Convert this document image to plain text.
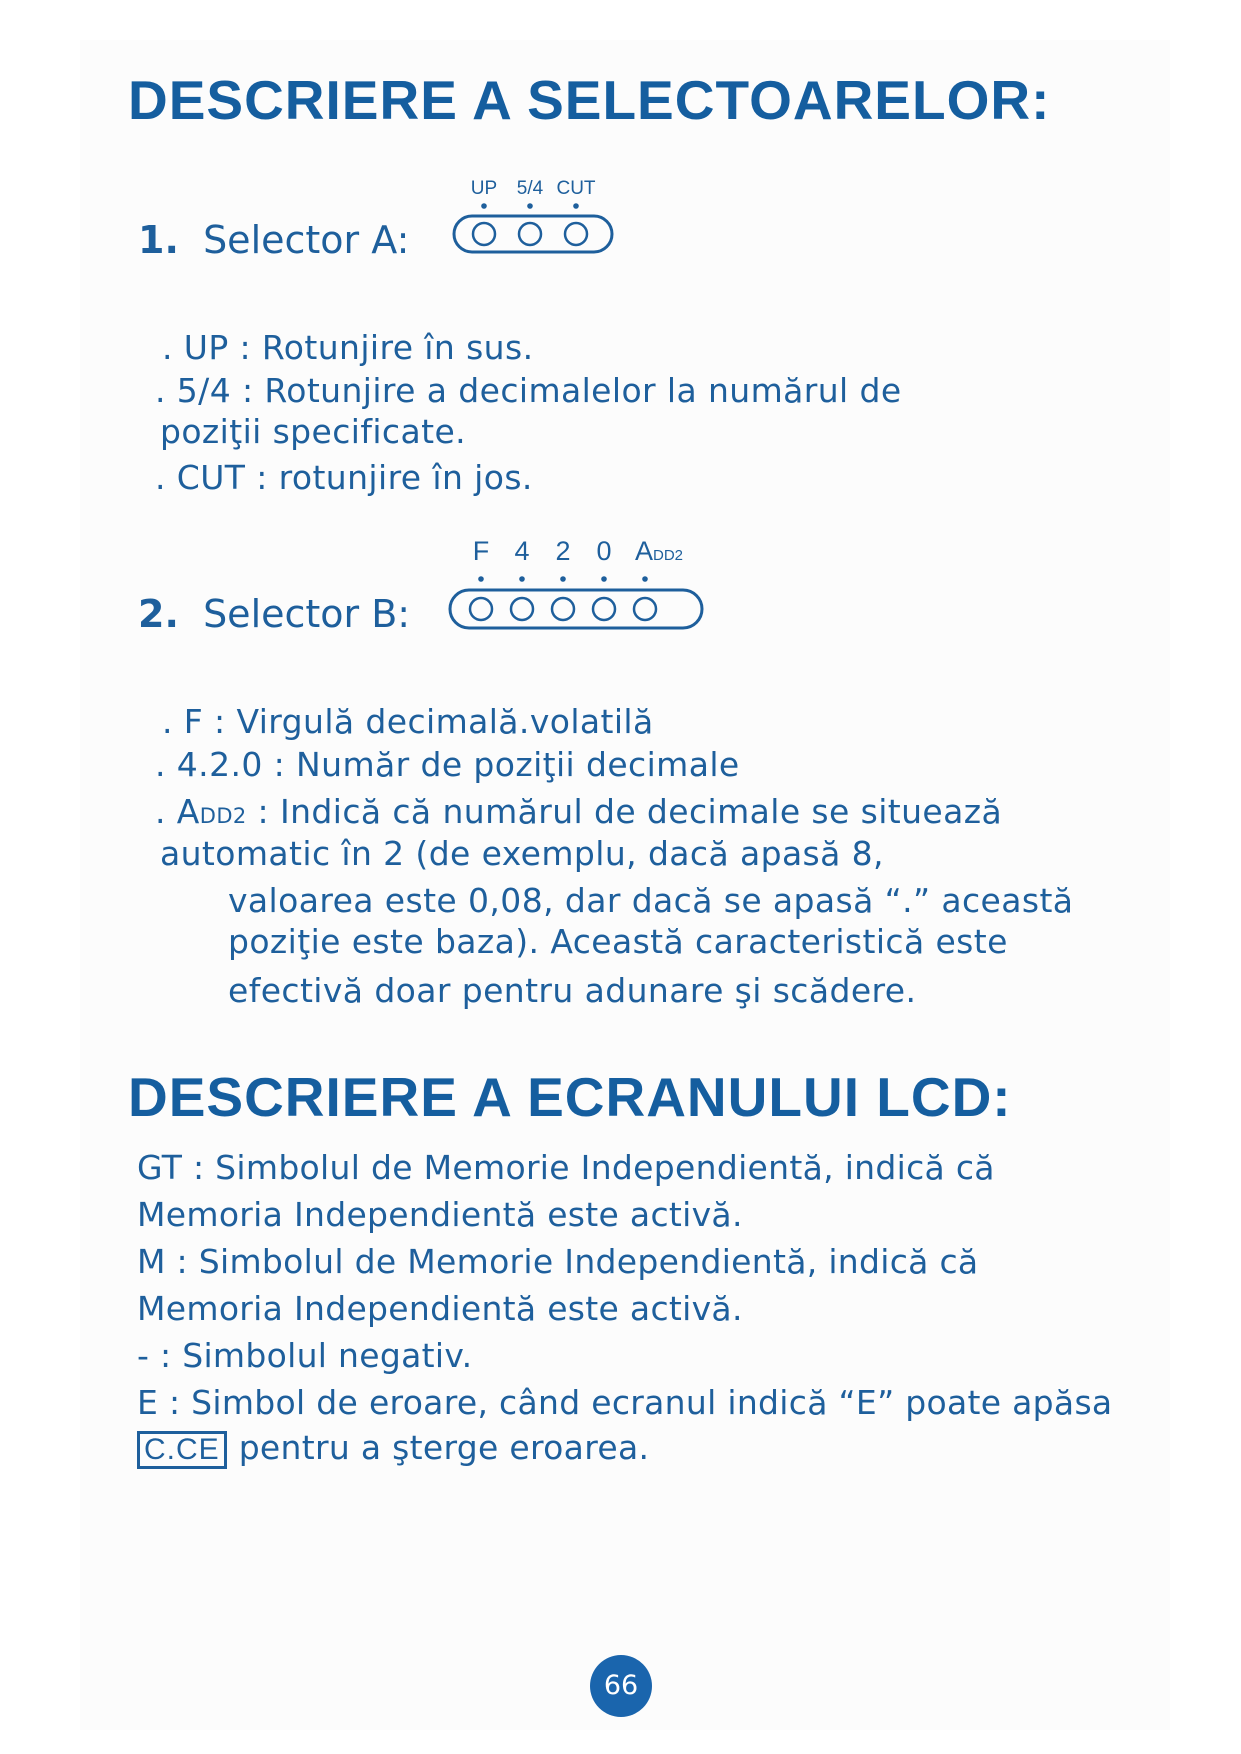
DESCRIERE A SELECTOARELOR:
1. Selector A:
UP 5/4 CUT
. UP : Rotunjire în sus.
. 5/4 : Rotunjire a decimalelor la numărul de
poziţii specificate.
. CUT : rotunjire în jos.
2. Selector B:
F 4 2 0 ADD2
. F : Virgulă decimală.volatilă
. 4.2.0 : Număr de poziţii decimale
. ADD2 : Indică că numărul de decimale se situează
automatic în 2 (de exemplu, dacă apasă 8,
valoarea este 0,08, dar dacă se apasă “.” această
poziţie este baza). Această caracteristică este
efectivă doar pentru adunare şi scădere.
DESCRIERE A ECRANULUI LCD:
GT : Simbolul de Memorie Independientă, indică că
Memoria Independientă este activă.
M : Simbolul de Memorie Independientă, indică că
Memoria Independientă este activă.
- : Simbolul negativ.
E : Simbol de eroare, când ecranul indică “E” poate apăsa
C.CE pentru a şterge eroarea.
66
